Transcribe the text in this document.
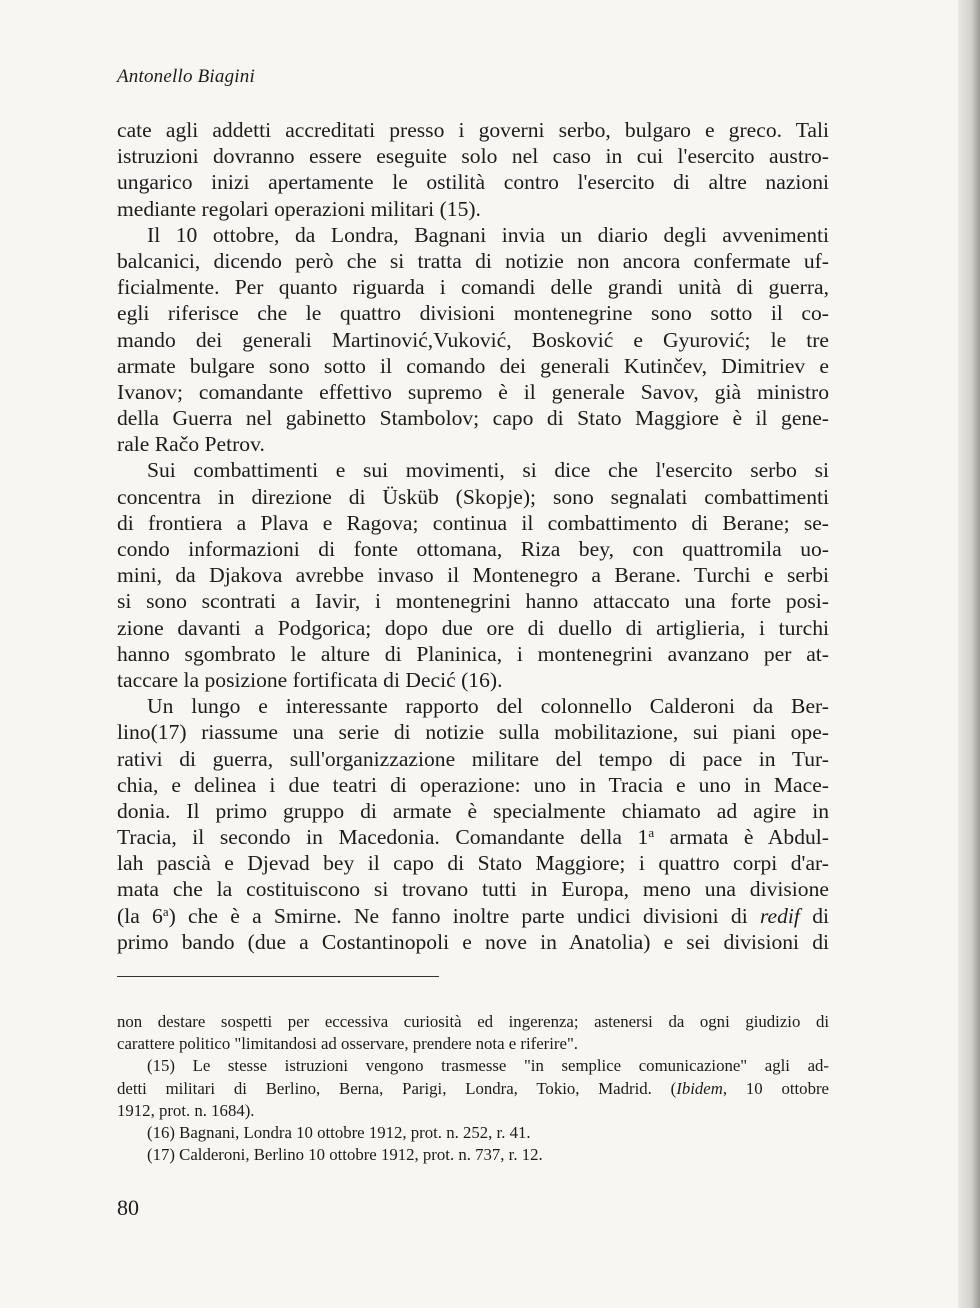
Antonello Biagini
cate agli addetti accreditati presso i governi serbo, bulgaro e greco. Tali
istruzioni dovranno essere eseguite solo nel caso in cui l'esercito austro-
ungarico inizi apertamente le ostilità contro l'esercito di altre nazioni
mediante regolari operazioni militari (15).
Il 10 ottobre, da Londra, Bagnani invia un diario degli avvenimenti
balcanici, dicendo però che si tratta di notizie non ancora confermate uf-
ficialmente. Per quanto riguarda i comandi delle grandi unità di guerra,
egli riferisce che le quattro divisioni montenegrine sono sotto il co-
mando dei generali Martinović,Vuković, Bosković e Gyurović; le tre
armate bulgare sono sotto il comando dei generali Kutinčev, Dimitriev e
Ivanov; comandante effettivo supremo è il generale Savov, già ministro
della Guerra nel gabinetto Stambolov; capo di Stato Maggiore è il gene-
rale Račo Petrov.
Sui combattimenti e sui movimenti, si dice che l'esercito serbo si
concentra in direzione di Üsküb (Skopje); sono segnalati combattimenti
di frontiera a Plava e Ragova; continua il combattimento di Berane; se-
condo informazioni di fonte ottomana, Riza bey, con quattromila uo-
mini, da Djakova avrebbe invaso il Montenegro a Berane. Turchi e serbi
si sono scontrati a Iavir, i montenegrini hanno attaccato una forte posi-
zione davanti a Podgorica; dopo due ore di duello di artiglieria, i turchi
hanno sgombrato le alture di Planinica, i montenegrini avanzano per at-
taccare la posizione fortificata di Decić (16).
Un lungo e interessante rapporto del colonnello Calderoni da Ber-
lino(17) riassume una serie di notizie sulla mobilitazione, sui piani ope-
rativi di guerra, sull'organizzazione militare del tempo di pace in Tur-
chia, e delinea i due teatri di operazione: uno in Tracia e uno in Mace-
donia. Il primo gruppo di armate è specialmente chiamato ad agire in
Tracia, il secondo in Macedonia. Comandante della 1$^a$ armata è Abdul-
lah pascià e Djevad bey il capo di Stato Maggiore; i quattro corpi d'ar-
mata che la costituiscono si trovano tutti in Europa, meno una divisione
(la 6$^a$) che è a Smirne. Ne fanno inoltre parte undici divisioni di redif di
primo bando (due a Costantinopoli e nove in Anatolia) e sei divisioni di
non destare sospetti per eccessiva curiosità ed ingerenza; astenersi da ogni giudizio di
carattere politico "limitandosi ad osservare, prendere nota e riferire".
(15) Le stesse istruzioni vengono trasmesse "in semplice comunicazione" agli ad-
detti militari di Berlino, Berna, Parigi, Londra, Tokio, Madrid. (Ibidem, 10 ottobre
1912, prot. n. 1684).
(16) Bagnani, Londra 10 ottobre 1912, prot. n. 252, r. 41.
(17) Calderoni, Berlino 10 ottobre 1912, prot. n. 737, r. 12.
80
